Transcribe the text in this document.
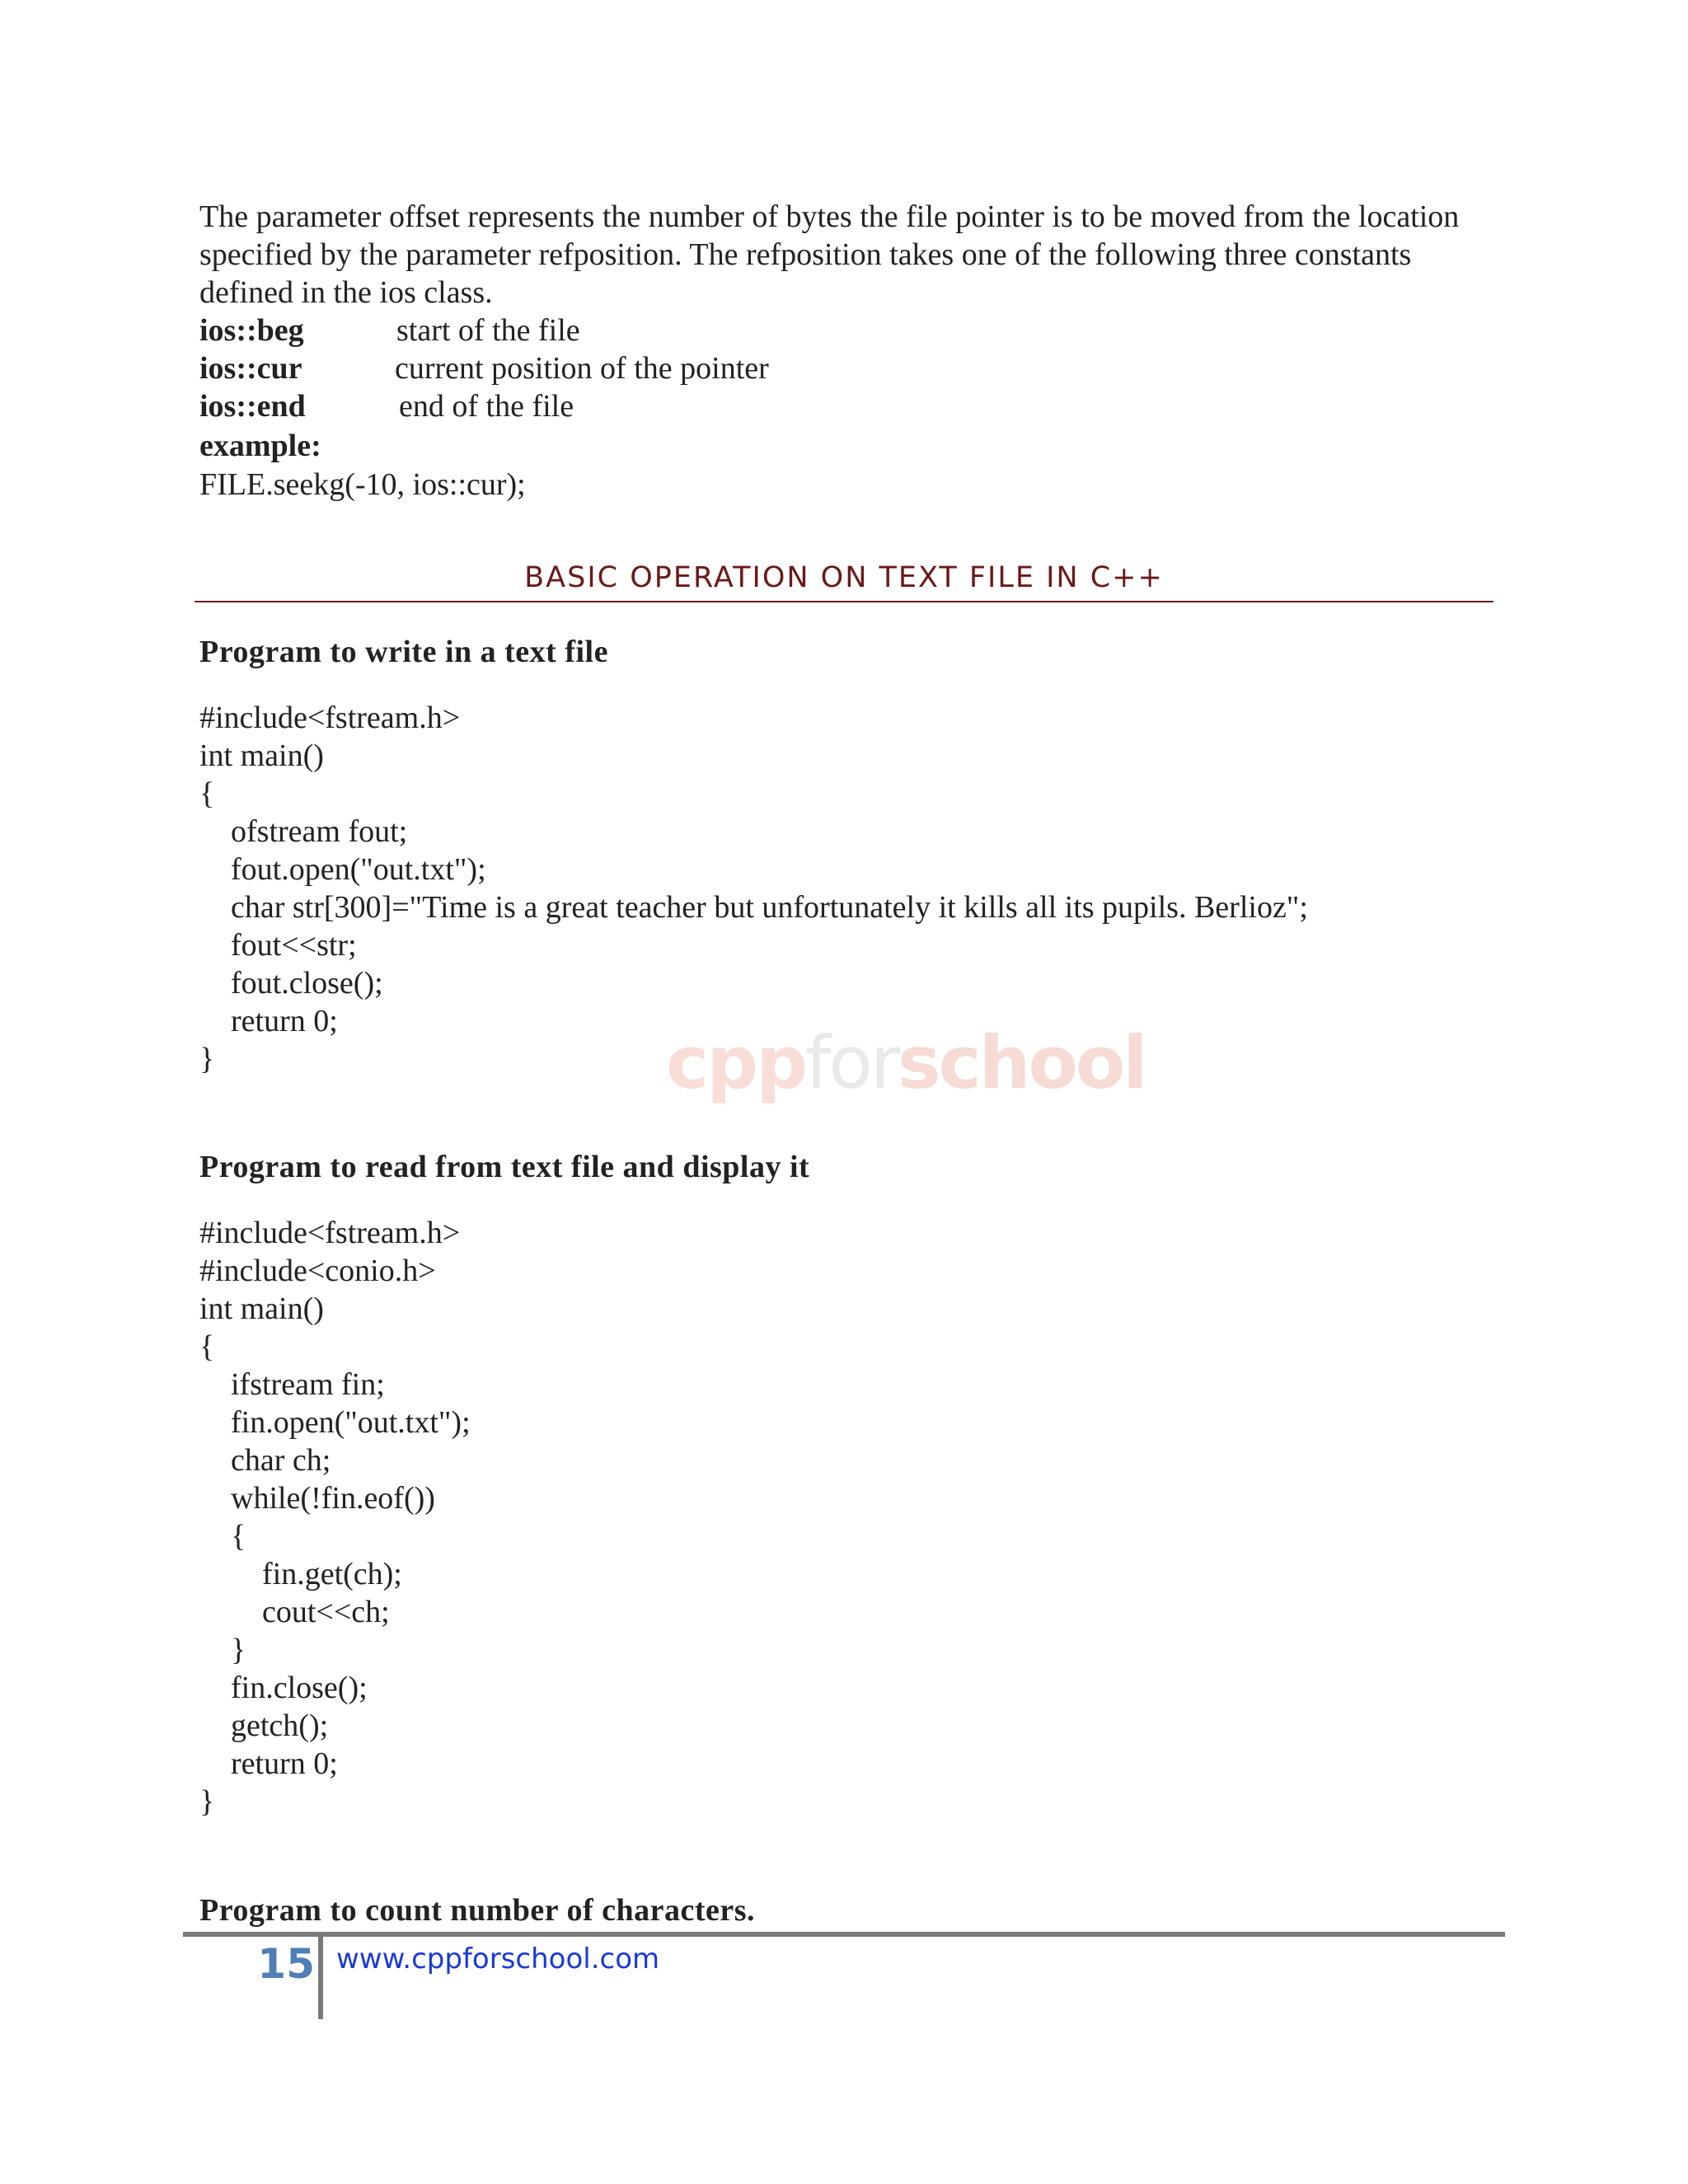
The parameter offset represents the number of bytes the file pointer is to be moved from the location specified by the parameter refposition. The refposition takes one of the following three constants defined in the ios class.

ios::beg	start of the file
ios::cur	current position of the pointer
ios::end	end of the file
example:
FILE.seekg(-10, ios::cur);
BASIC OPERATION ON TEXT FILE IN C++
Program to write in a text file
#include<fstream.h>
int main()
{
ofstream fout;
fout.open("out.txt");
char str[300]="Time is a great teacher but unfortunately it kills all its pupils. Berlioz";
fout<<str;
fout.close();
return 0;
}	cppforschool
Program to read from text file and display it
#include<fstream.h>
#include<conio.h>
int main()
{
ifstream fin;
fin.open("out.txt");
char ch;
while(!fin.eof())
{
fin.get(ch);
cout<<ch;
}
fin.close();
getch();
return 0;
}
Program to count number of characters.
15 www.cppforschool.com
